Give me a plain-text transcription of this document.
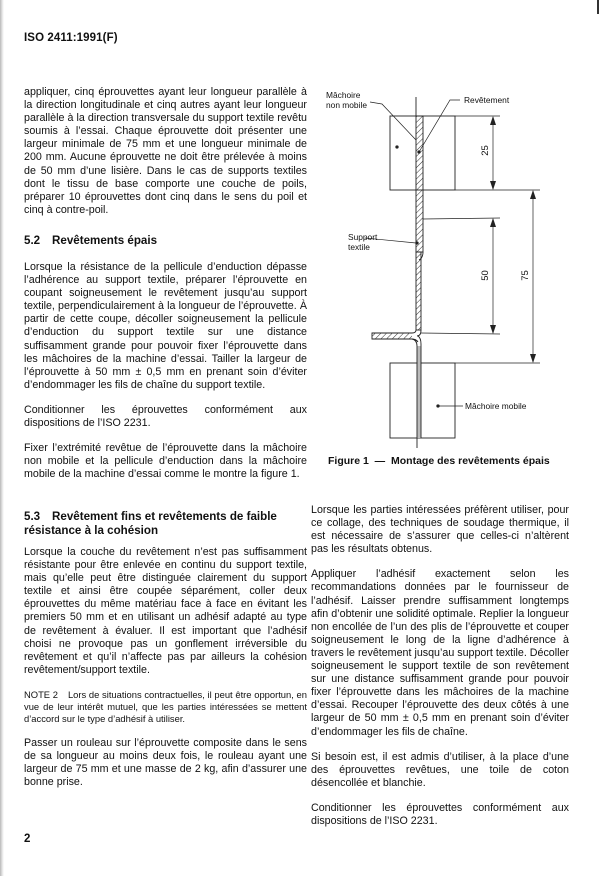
ISO 2411:1991(F)

appliquer, cinq éprouvettes ayant leur longueur parallèle à la direction longitudinale et cinq autres ayant leur longueur parallèle à la direction transversale du support textile revêtu soumis à l’essai. Chaque éprouvette doit présenter une largeur minimale de 75 mm et une longueur minimale de 200 mm. Aucune éprouvette ne doit être prélevée à moins de 50 mm d’une lisière. Dans le cas de supports textiles dont le tissu de base comporte une couche de poils, préparer 10 éprouvettes dont cinq dans le sens du poil et cinq à contre-poil.

5.2 Revêtements épais

Lorsque la résistance de la pellicule d’enduction dépasse l’adhérence au support textile, préparer l’éprouvette en coupant soigneusement le revêtement jusqu’au support textile, perpendiculairement à la longueur de l’éprouvette. À partir de cette coupe, décoller soigneusement la pellicule d’enduction du support textile sur une distance suffisamment grande pour pouvoir fixer l’éprouvette dans les mâchoires de la machine d’essai. Tailler la largeur de l’éprouvette à 50 mm ± 0,5 mm en prenant soin d’éviter d’endommager les fils de chaîne du support textile.

Conditionner les éprouvettes conformément aux dispositions de l’ISO 2231.

Fixer l’extrémité revêtue de l’éprouvette dans la mâchoire non mobile et la pellicule d’enduction dans la mâchoire mobile de la machine d’essai comme le montre la figure 1.

5.3 Revêtement fins et revêtements de faible résistance à la cohésion

Lorsque la couche du revêtement n’est pas suffisamment résistante pour être enlevée en continu du support textile, mais qu’elle peut être distinguée clairement du support textile et ainsi être coupée séparément, coller deux éprouvettes du même matériau face à face en évitant les premiers 50 mm et en utilisant un adhésif adapté au type de revêtement à évaluer. Il est important que l’adhésif choisi ne provoque pas un gonflement irréversible du revêtement et qu’il n’affecte pas par ailleurs la cohésion revêtement/support textile.

NOTE 2 Lors de situations contractuelles, il peut être opportun, en vue de leur intérêt mutuel, que les parties intéressées se mettent d’accord sur le type d’adhésif à utiliser.

Passer un rouleau sur l’éprouvette composite dans le sens de sa longueur au moins deux fois, le rouleau ayant une largeur de 75 mm et une masse de 2 kg, afin d’assurer une bonne prise.

Lorsque les parties intéressées préfèrent utiliser, pour ce collage, des techniques de soudage thermique, il est nécessaire de s’assurer que celles-ci n’altèrent pas les résultats obtenus.

Appliquer l’adhésif exactement selon les recommandations données par le fournisseur de l’adhésif. Laisser prendre suffisamment longtemps afin d’obtenir une solidité optimale. Replier la longueur non encollée de l’un des plis de l’éprouvette et couper soigneusement le long de la ligne d’adhérence à travers le revêtement jusqu’au support textile. Décoller soigneusement le support textile de son revêtement sur une distance suffisamment grande pour pouvoir fixer l’éprouvette dans les mâchoires de la machine d’essai. Recouper l’éprouvette des deux côtés à une largeur de 50 mm ± 0,5 mm en prenant soin d’éviter d’endommager les fils de chaîne.

Si besoin est, il est admis d’utiliser, à la place d’une des éprouvettes revêtues, une toile de coton désencollée et blanchie.

Conditionner les éprouvettes conformément aux dispositions de l’ISO 2231.

Mâchoire
non mobile	Revêtement
Support
textile
Mâchoire mobile
25
50	75
Figure 1  —  Montage des revêtements épais
2
